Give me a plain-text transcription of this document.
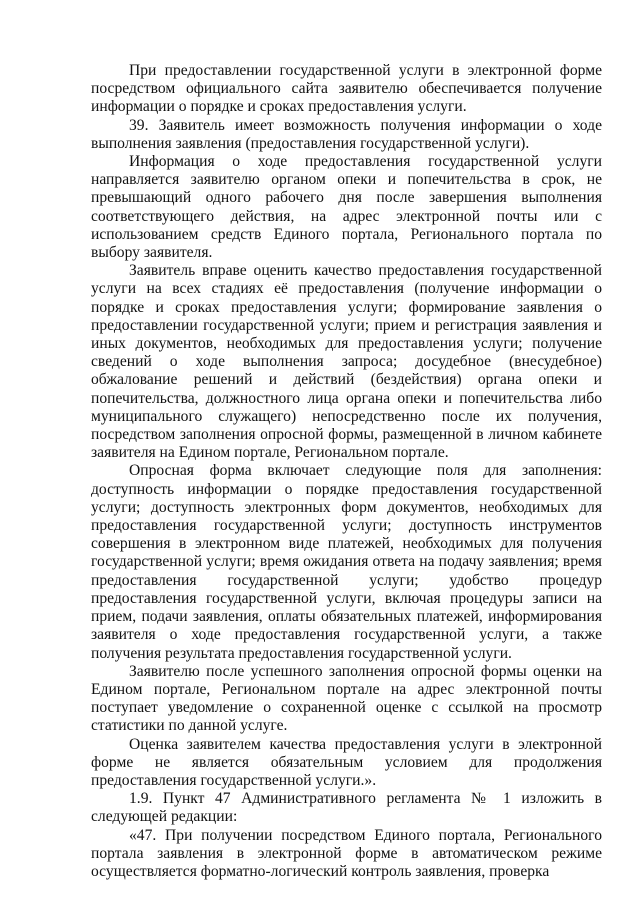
При предоставлении государственной услуги в электронной форме посредством официального сайта заявителю обеспечивается получение информации о порядке и сроках предоставления услуги.

39. Заявитель имеет возможность получения информации о ходе выполнения заявления (предоставления государственной услуги).

Информация о ходе предоставления государственной услуги направляется заявителю органом опеки и попечительства в срок, не превышающий одного рабочего дня после завершения выполнения соответствующего действия, на адрес электронной почты или с использованием средств Единого портала, Регионального портала по выбору заявителя.

Заявитель вправе оценить качество предоставления государственной услуги на всех стадиях её предоставления (получение информации о порядке и сроках предоставления услуги; формирование заявления о предоставлении государственной услуги; прием и регистрация заявления и иных документов, необходимых для предоставления услуги; получение сведений о ходе выполнения запроса; досудебное (внесудебное) обжалование решений и действий (бездействия) органа опеки и попечительства, должностного лица органа опеки и попечительства либо муниципального служащего) непосредственно после их получения, посредством заполнения опросной формы, размещенной в личном кабинете заявителя на Едином портале, Региональном портале.

Опросная форма включает следующие поля для заполнения: доступность информации о порядке предоставления государственной услуги; доступность электронных форм документов, необходимых для предоставления государственной услуги; доступность инструментов совершения в электронном виде платежей, необходимых для получения государственной услуги; время ожидания ответа на подачу заявления; время предоставления государственной услуги; удобство процедур предоставления государственной услуги, включая процедуры записи на прием, подачи заявления, оплаты обязательных платежей, информирования заявителя о ходе предоставления государственной услуги, а также получения результата предоставления государственной услуги.

Заявителю после успешного заполнения опросной формы оценки на Едином портале, Региональном портале на адрес электронной почты поступает уведомление о сохраненной оценке с ссылкой на просмотр статистики по данной услуге.

Оценка заявителем качества предоставления услуги в электронной форме не является обязательным условием для продолжения предоставления государственной услуги.».

1.9. Пункт 47 Административного регламента № 1 изложить в следующей редакции:

«47. При получении посредством Единого портала, Регионального портала заявления в электронной форме в автоматическом режиме осуществляется форматно-логический контроль заявления, проверка
